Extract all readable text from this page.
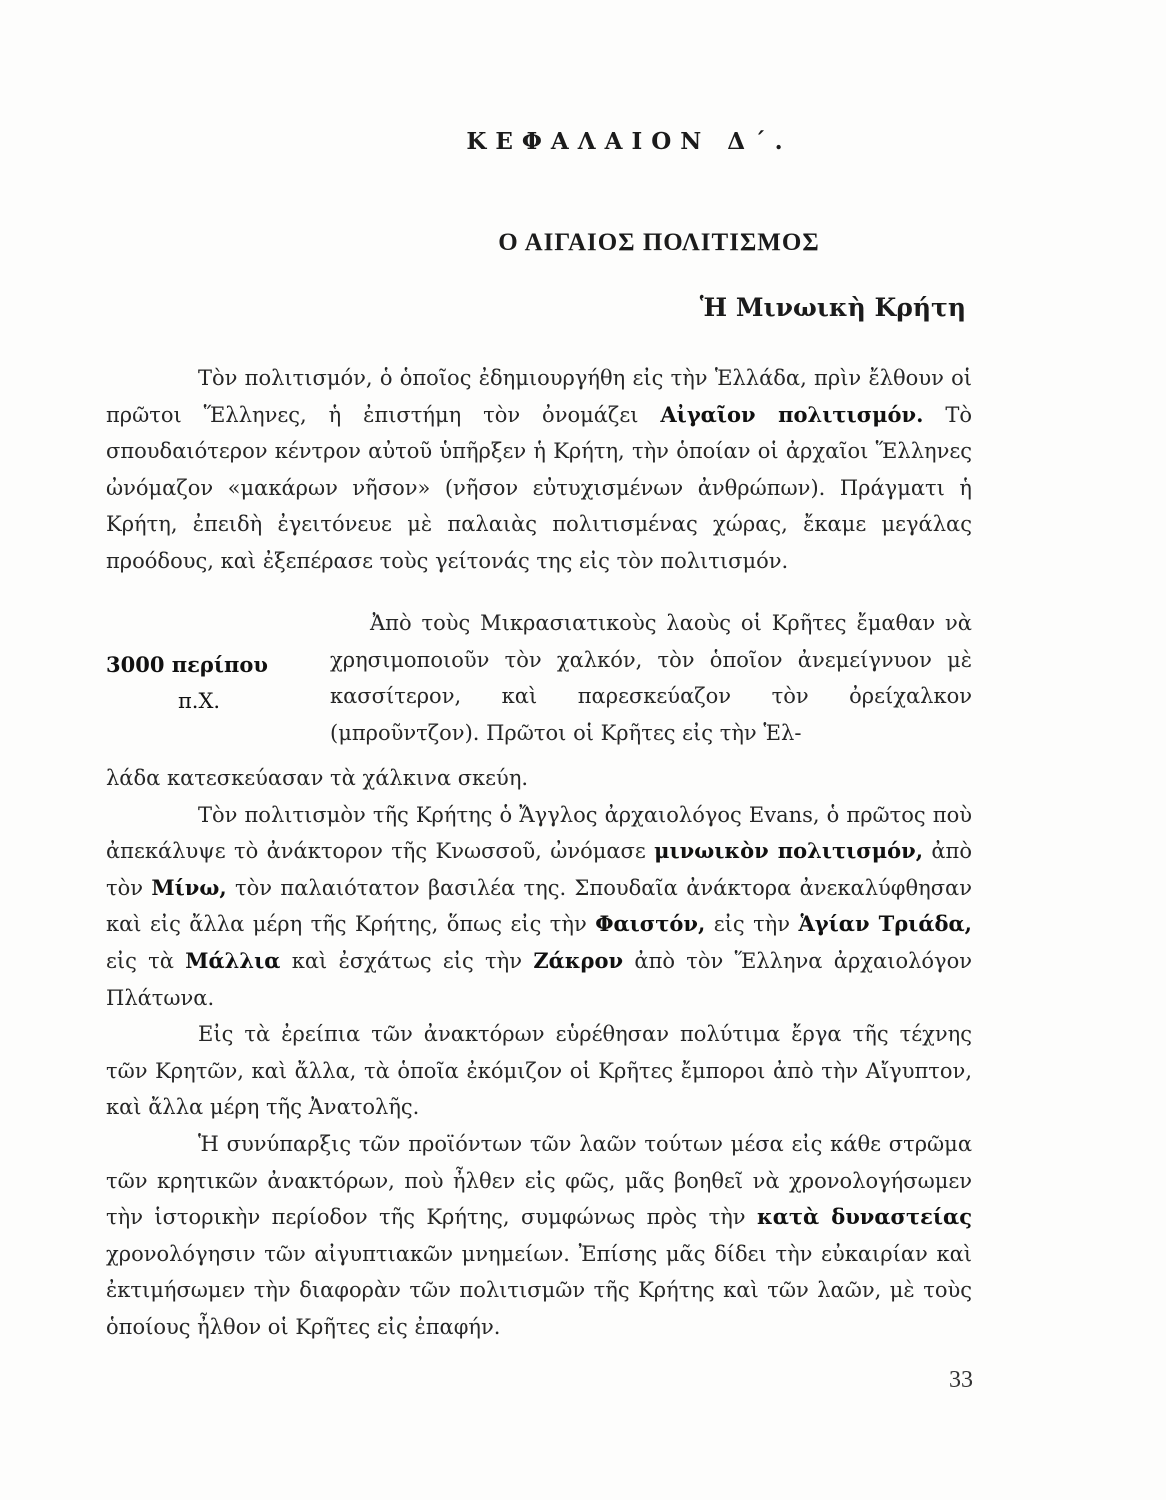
ΚΕΦΑΛΑΙΟΝ Δ΄.
Ο ΑΙΓΑΙΟΣ ΠΟΛΙΤΙΣΜΟΣ
Ἡ Μινωικὴ Κρήτη

Τὸν πολιτισμόν, ὁ ὁποῖος ἐδημιουργήθη εἰς τὴν Ἑλλάδα, πρὶν ἔλθουν οἱ πρῶτοι Ἕλληνες, ἡ ἐπιστήμη τὸν ὀνομάζει Αἰγαῖον πολιτισμόν. Τὸ σπουδαιότερον κέντρον αὐτοῦ ὑπῆρξεν ἡ Κρήτη, τὴν ὁποίαν οἱ ἀρχαῖοι Ἕλληνες ὠνόμαζον «μακάρων νῆσον» (νῆσον εὐτυχισμένων ἀνθρώπων). Πράγματι ἡ Κρήτη, ἐπειδὴ ἐγειτόνευε μὲ παλαιὰς πολιτισμένας χώρας, ἔκαμε μεγάλας προόδους, καὶ ἐξεπέρασε τοὺς γείτονάς της εἰς τὸν πολιτισμόν.

3000 περίπου
π.Χ.
Ἀπὸ τοὺς Μικρασιατικοὺς λαοὺς οἱ Κρῆτες ἔμαθαν νὰ χρησιμοποιοῦν τὸν χαλκόν, τὸν ὁποῖον ἀνεμείγνυον μὲ κασσίτερον, καὶ παρεσκεύαζον τὸν ὀρείχαλκον (μπροῦντζον). Πρῶτοι οἱ Κρῆτες εἰς τὴν Ἑλ-

λάδα κατεσκεύασαν τὰ χάλκινα σκεύη.

Τὸν πολιτισμὸν τῆς Κρήτης ὁ Ἄγγλος ἀρχαιολόγος Evans, ὁ πρῶτος ποὺ ἀπεκάλυψε τὸ ἀνάκτορον τῆς Κνωσσοῦ, ὠνόμασε μινωικὸν πολιτισμόν, ἀπὸ τὸν Μίνω, τὸν παλαιότατον βασιλέα της. Σπουδαῖα ἀνάκτορα ἀνεκαλύφθησαν καὶ εἰς ἄλλα μέρη τῆς Κρήτης, ὅπως εἰς τὴν Φαιστόν, εἰς τὴν Ἁγίαν Τριάδα, εἰς τὰ Μάλλια καὶ ἐσχάτως εἰς τὴν Ζάκρον ἀπὸ τὸν Ἕλληνα ἀρχαιολόγον Πλάτωνα.

Εἰς τὰ ἐρείπια τῶν ἀνακτόρων εὑρέθησαν πολύτιμα ἔργα τῆς τέχνης τῶν Κρητῶν, καὶ ἄλλα, τὰ ὁποῖα ἐκόμιζον οἱ Κρῆτες ἔμποροι ἀπὸ τὴν Αἴγυπτον, καὶ ἄλλα μέρη τῆς Ἀνατολῆς.

Ἡ συνύπαρξις τῶν προϊόντων τῶν λαῶν τούτων μέσα εἰς κάθε στρῶμα τῶν κρητικῶν ἀνακτόρων, ποὺ ἦλθεν εἰς φῶς, μᾶς βοηθεῖ νὰ χρονολογήσωμεν τὴν ἱστορικὴν περίοδον τῆς Κρήτης, συμφώνως πρὸς τὴν κατὰ δυναστείας χρονολόγησιν τῶν αἰγυπτιακῶν μνημείων. Ἐπίσης μᾶς δίδει τὴν εὐκαιρίαν καὶ ἐκτιμήσωμεν τὴν διαφορὰν τῶν πολιτισμῶν τῆς Κρήτης καὶ τῶν λαῶν, μὲ τοὺς ὁποίους ἦλθον οἱ Κρῆτες εἰς ἐπαφήν.

33
